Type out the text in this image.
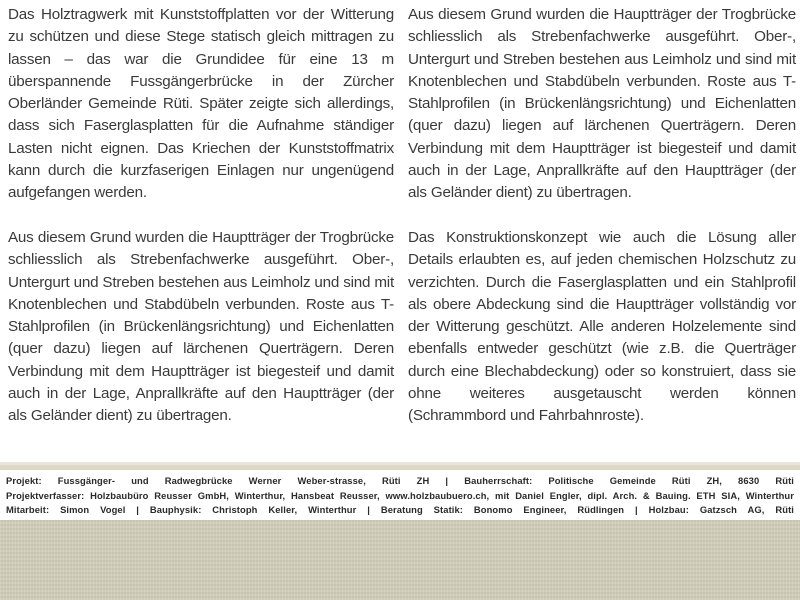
Das Holztragwerk mit Kunststoffplatten vor der Witterung zu schützen und diese Stege statisch gleich mittragen zu lassen – das war die Grundidee für eine 13 m überspannende Fussgängerbrücke in der Zürcher Oberländer Gemeinde Rüti. Später zeigte sich allerdings, dass sich Faserglasplatten für die Aufnahme ständiger Lasten nicht eignen. Das Kriechen der Kunststoffmatrix kann durch die kurzfaserigen Einlagen nur ungenügend aufgefangen werden.

Aus diesem Grund wurden die Hauptträger der Trogbrücke schliesslich als Strebenfachwerke ausgeführt. Ober-, Untergurt und Streben bestehen aus Leimholz und sind mit Knotenblechen und Stabdübeln verbunden. Roste aus T-Stahlprofilen (in Brückenlängsrichtung) und Eichenlatten (quer dazu) liegen auf lärchenen Querträgern. Deren Verbindung mit dem Hauptträger ist biegesteif und damit auch in der Lage, Anprallkräfte auf den Hauptträger (der als Geländer dient) zu übertragen.

Aus diesem Grund wurden die Hauptträger der Trogbrücke schliesslich als Strebenfachwerke ausgeführt. Ober-, Untergurt und Streben bestehen aus Leimholz und sind mit Knotenblechen und Stabdübeln verbunden. Roste aus T-Stahlprofilen (in Brückenlängsrichtung) und Eichenlatten (quer dazu) liegen auf lärchenen Querträgern. Deren Verbindung mit dem Hauptträger ist biegesteif und damit auch in der Lage, Anprallkräfte auf den Hauptträger (der als Geländer dient) zu übertragen.

Das Konstruktionskonzept wie auch die Lösung aller Details erlaubten es, auf jeden chemischen Holzschutz zu verzichten. Durch die Faserglasplatten und ein Stahlprofil als obere Abdeckung sind die Hauptträger vollständig vor der Witterung geschützt. Alle anderen Holzelemente sind ebenfalls entweder geschützt (wie z.B. die Querträger durch eine Blechabdeckung) oder so konstruiert, dass sie ohne weiteres ausgetauscht werden können (Schrammbord und Fahrbahnroste).

Projekt: Fussgänger- und Radwegbrücke Werner Weber-strasse, Rüti ZH | Bauherrschaft: Politische Gemeinde Rüti ZH, 8630 Rüti
Projektverfasser: Holzbaubüro Reusser GmbH, Winterthur, Hansbeat Reusser, www.holzbaubuero.ch, mit Daniel Engler, dipl. Arch. & Bauing. ETH SIA, Winterthur
Mitarbeit: Simon Vogel | Bauphysik: Christoph Keller, Winterthur | Beratung Statik: Bonomo Engineer, Rüdlingen | Holzbau: Gatzsch AG, Rüti
